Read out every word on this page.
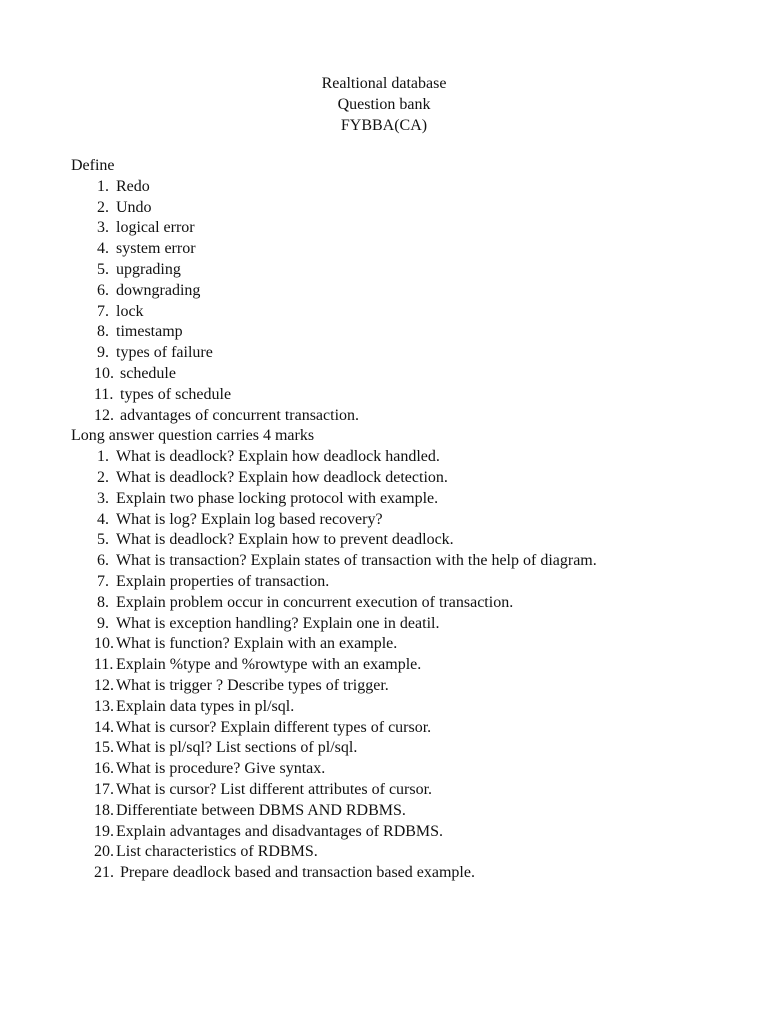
Realtional database
Question bank
FYBBA(CA)
Define
1. Redo
2. Undo
3. logical error
4. system error
5. upgrading
6. downgrading
7. lock
8. timestamp
9. types of failure
10. schedule
11. types of schedule
12. advantages of concurrent transaction.
Long answer question carries 4 marks
1. What is deadlock? Explain how deadlock handled.
2. What is deadlock? Explain how deadlock detection.
3. Explain two phase locking protocol with example.
4. What is log? Explain log based recovery?
5. What is deadlock? Explain how to prevent deadlock.
6. What is transaction? Explain states of transaction with the help of diagram.
7. Explain properties of transaction.
8. Explain problem occur in concurrent execution of transaction.
9. What is exception handling? Explain one in deatil.
10. What is function? Explain with an example.
11. Explain %type and %rowtype with an example.
12. What is trigger ? Describe types of trigger.
13. Explain data types in pl/sql.
14. What is cursor? Explain different types of cursor.
15. What is pl/sql? List sections of pl/sql.
16. What is procedure? Give syntax.
17. What is cursor? List different attributes of cursor.
18. Differentiate between DBMS AND RDBMS.
19. Explain advantages and disadvantages of RDBMS.
20. List characteristics of RDBMS.
21. Prepare deadlock based and transaction based example.
